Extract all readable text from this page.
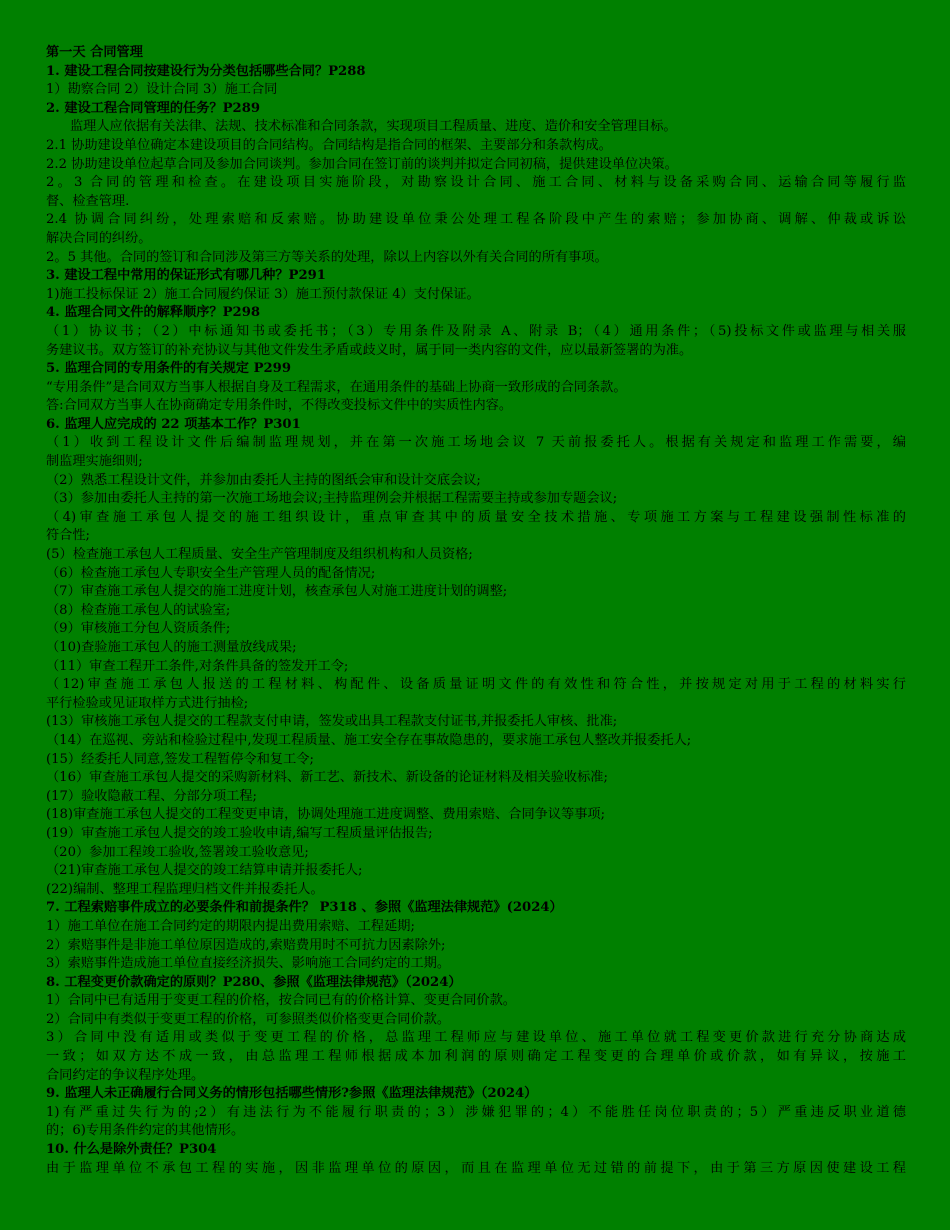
第一天 合同管理
1. 建设工程合同按建设行为分类包括哪些合同？P288
1）勘察合同 2）设计合同 3）施工合同
2. 建设工程合同管理的任务？P289
监理人应依据有关法律、法规、技术标准和合同条款，实现项目工程质量、进度、造价和安全管理目标。
2.1 协助建设单位确定本建设项目的合同结构。合同结构是指合同的框架、主要部分和条款构成。
2.2 协助建设单位起草合同及参加合同谈判。参加合同在签订前的谈判并拟定合同初稿，提供建设单位决策。
2。3 合同的管理和检查。在建设项目实施阶段，对勘察设计合同、施工合同、材料与设备采购合同、运输合同等履行监
督、检查管理.
2.4 协调合同纠纷，处理索赔和反索赔。协助建设单位秉公处理工程各阶段中产生的索赔；参加协商、调解、仲裁或诉讼
解决合同的纠纷。
2。5 其他。合同的签订和合同涉及第三方等关系的处理，除以上内容以外有关合同的所有事项。
3. 建设工程中常用的保证形式有哪几种？P291
1)施工投标保证 2）施工合同履约保证 3）施工预付款保证 4）支付保证。
4. 监理合同文件的解释顺序？P298
（1）协议书；（2）中标通知书或委托书；（3）专用条件及附录 A、附录 B；（4）通用条件；（5)投标文件或监理与相关服
务建议书。双方签订的补充协议与其他文件发生矛盾或歧义时，属于同一类内容的文件，应以最新签署的为准。
5. 监理合同的专用条件的有关规定 P299
“专用条件”是合同双方当事人根据自身及工程需求，在通用条件的基础上协商一致形成的合同条款。
答:合同双方当事人在协商确定专用条件时，不得改变投标文件中的实质性内容。
6. 监理人应完成的 22 项基本工作？P301
（1）收到工程设计文件后编制监理规划，并在第一次施工场地会议 7 天前报委托人。根据有关规定和监理工作需要，编
制监理实施细则;
（2）熟悉工程设计文件，并参加由委托人主持的图纸会审和设计交底会议;
（3）参加由委托人主持的第一次施工场地会议;主持监理例会并根据工程需要主持或参加专题会议;
（4)审查施工承包人提交的施工组织设计，重点审查其中的质量安全技术措施、专项施工方案与工程建设强制性标准的
符合性;
(5）检查施工承包人工程质量、安全生产管理制度及组织机构和人员资格;
（6）检查施工承包人专职安全生产管理人员的配备情况;
（7）审查施工承包人提交的施工进度计划，核查承包人对施工进度计划的调整;
（8）检查施工承包人的试验室;
（9）审核施工分包人资质条件;
（10)查验施工承包人的施工测量放线成果;
（11）审查工程开工条件,对条件具备的签发开工令;
（12)审查施工承包人报送的工程材料、构配件、设备质量证明文件的有效性和符合性，并按规定对用于工程的材料实行
平行检验或见证取样方式进行抽检;
(13）审核施工承包人提交的工程款支付申请，签发或出具工程款支付证书,并报委托人审核、批准;
（14）在巡视、旁站和检验过程中,发现工程质量、施工安全存在事故隐患的，要求施工承包人整改并报委托人;
(15）经委托人同意,签发工程暂停令和复工令;
（16）审查施工承包人提交的采购新材料、新工艺、新技术、新设备的论证材料及相关验收标准;
(17）验收隐蔽工程、分部分项工程;
(18)审查施工承包人提交的工程变更申请，协调处理施工进度调整、费用索赔、合同争议等事项;
(19）审查施工承包人提交的竣工验收申请,编写工程质量评估报告;
（20）参加工程竣工验收,签署竣工验收意见;
（21)审查施工承包人提交的竣工结算申请并报委托人;
(22)编制、整理工程监理归档文件并报委托人。
7. 工程索赔事件成立的必要条件和前提条件？ P318 、参照《监理法律规范》(2024）
1）施工单位在施工合同约定的期限内提出费用索赔、工程延期;
2）索赔事件是非施工单位原因造成的,索赔费用时不可抗力因素除外;
3）索赔事件造成施工单位直接经济损失、影响施工合同约定的工期。
8. 工程变更价款确定的原则？P280、参照《监理法律规范》（2024）
1）合同中已有适用于变更工程的价格，按合同已有的价格计算、变更合同价款。
2）合同中有类似于变更工程的价格，可参照类似价格变更合同价款。
3）合同中没有适用或类似于变更工程的价格，总监理工程师应与建设单位、施工单位就工程变更价款进行充分协商达成
一致；如双方达不成一致，由总监理工程师根据成本加利润的原则确定工程变更的合理单价或价款，如有异议，按施工
合同约定的争议程序处理。
9. 监理人未正确履行合同义务的情形包括哪些情形?参照《监理法律规范》（2024）
1)有严重过失行为的;2）有违法行为不能履行职责的；3）涉嫌犯罪的；4）不能胜任岗位职责的；5）严重违反职业道德
的；6)专用条件约定的其他情形。
10. 什么是除外责任？P304
由于监理单位不承包工程的实施，因非监理单位的原因，而且在监理单位无过错的前提下，由于第三方原因使建设工程
